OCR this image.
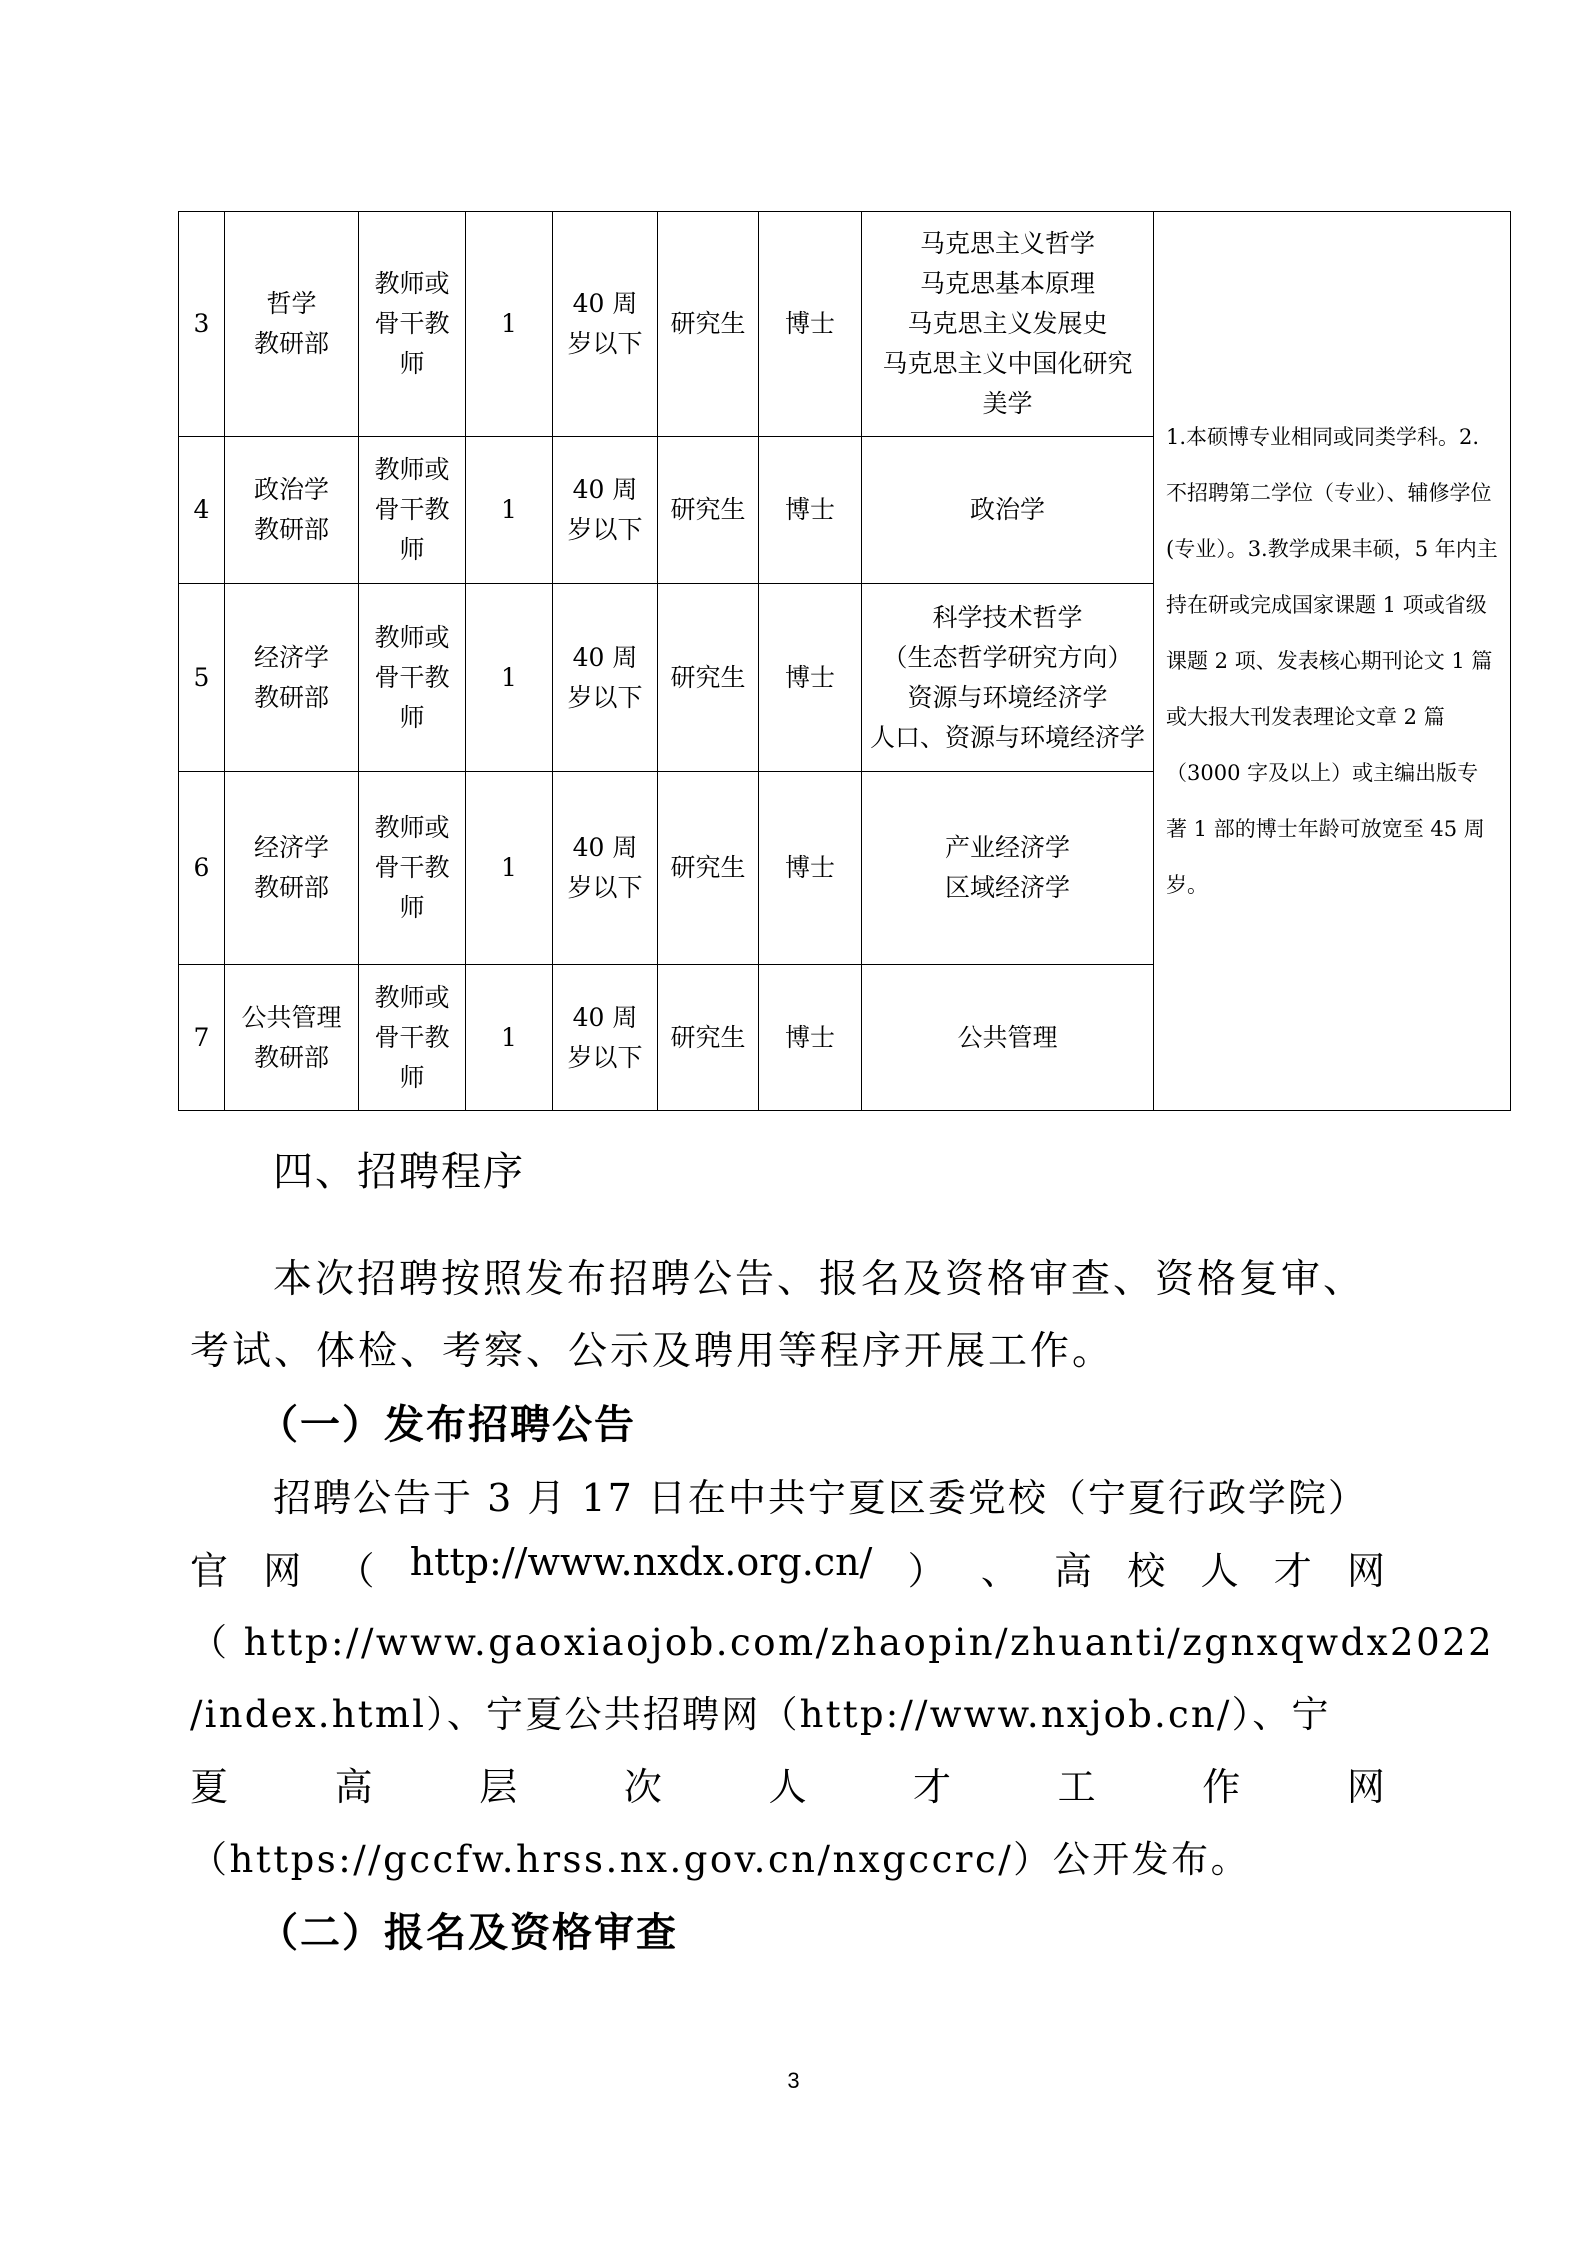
3	哲学
教研部	教师或
骨干教
师	1	40 周
岁以下	研究生	博士	马克思主义哲学
马克思基本原理
马克思主义发展史
马克思主义中国化研究
美学	1.本硕博专业相同或同类学科。2.不招聘第二学位（专业）、辅修学位(专业）。3.教学成果丰硕，5 年内主持在研或完成国家课题 1 项或省级课题 2 项、发表核心期刊论文 1 篇或大报大刊发表理论文章 2 篇（3000 字及以上）或主编出版专著 1 部的博士年龄可放宽至 45 周岁。
4	政治学
教研部	教师或
骨干教
师	1	40 周
岁以下	研究生	博士	政治学	

5	经济学
教研部	教师或
骨干教
师	1	40 周
岁以下	研究生	博士	科学技术哲学
（生态哲学研究方向）
资源与环境经济学
人口、资源与环境经济学	

6	经济学
教研部	教师或
骨干教
师	1	40 周
岁以下	研究生	博士	产业经济学
区域经济学	

7	公共管理
教研部	教师或
骨干教
师	1	40 周
岁以下	研究生	博士	公共管理	
四、招聘程序
本次招聘按照发布招聘公告、报名及资格审查、资格复审、
考试、体检、考察、公示及聘用等程序开展工作。
（一）发布招聘公告
招聘公告于 3 月 17 日在中共宁夏区委党校（宁夏行政学院）
官 网 （ http://www.nxdx.org.cn/ ） 、 高 校 人 才 网
（ http://www.gaoxiaojob.com/zhaopin/zhuanti/zgnxqwdx2022
/index.html）、宁夏公共招聘网（http://www.nxjob.cn/）、宁
夏	高	层	次	人	才	工	作	网
（https://gccfw.hrss.nx.gov.cn/nxgccrc/）公开发布。
（二）报名及资格审查
3
